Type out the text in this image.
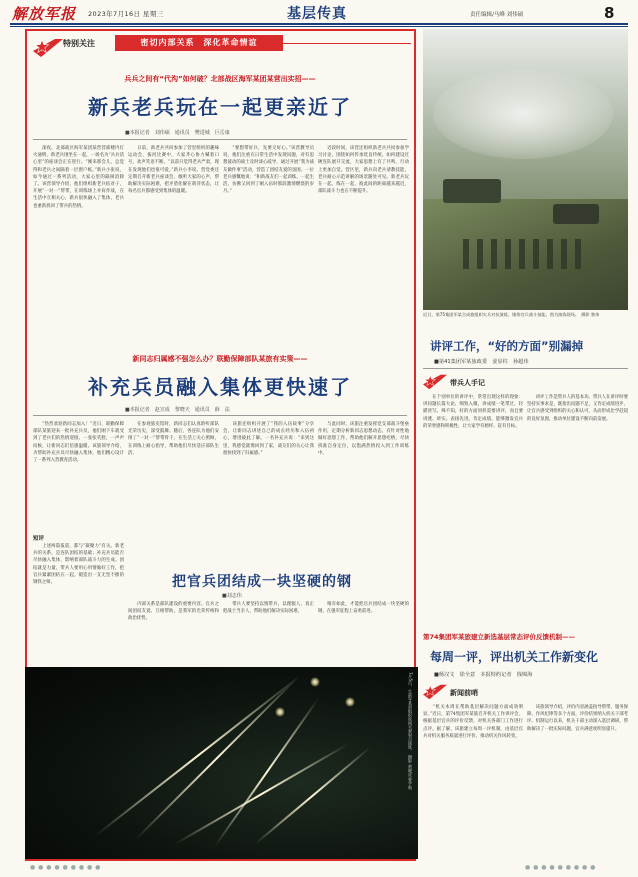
解放军报 2023年7月16日 星期三	基层传真	责任编辑/马峰 刘伟硕	8
特别关注	密切内部关系　深化革命情谊
兵兵之间有“代沟”如何破？北部战区海军某团某营出实招——
新兵老兵玩在一起更亲近了
■本报记者　刘伟硕　通讯员　樊进城　巨岳康
　　深夜，北部战区海军某团某营营部楼内灯火通明，新老兵围坐在一起，一场名为“兵兵话心里”的座谈会正在进行。“刚来那会儿，总觉得和老兵之间隔着一层窗户纸。”新兵小张说，如今通过一系列活动，大家心里的隔阂消除了。该营领导介绍，他们组织新老兵结对子，开展“一对一”帮带，在训练场上并肩作战，在生活中互相关心，新兵很快融入了集体，老兵也重新找回了带兵的热情。
　　日前，新老兵共同参加了营里组织的趣味运动会，拔河比赛中，大家齐心协力喊着口号，欢声笑语不断。“以前只觉得老兵严肃，现在发现他们也很可爱。”新兵小李说。营党委还定期召开新老兵座谈会，倾听大家的心声，帮助解决实际困难，把矛盾化解在萌芽状态，让每名官兵都感受到集体的温暖。
　　“要想带好兵，先要交好心。”该营教导员说，他们注重在日常生活中发现问题，对有思想波动的战士及时谈心疏导，通过开展“我为战友做件事”活动，营造了团结友爱的氛围。一位老兵感慨地说：“和新战友们一起训练、一起生活，仿佛又回到了刚入伍时那段激情燃烧的岁月。”
　　近段时间，该营还组织新老兵共同参加学习讨论，围绕如何传承优良传统、如何建设过硬连队展开交流，大家思想上有了共鸣，行动上更加自觉。营区里，新兵向老兵请教技能，老兵耐心示范讲解的场景随处可见。新老兵玩在一起、练在一起，彼此间的距离越来越近，部队战斗力也在不断提升。
新同志归属感不强怎么办？联勤保障部队某旅有实策——
补充兵员融入集体更快速了
■本报记者　赵宣成　黎晓天　通讯员　薛　法
　　“热烈欢迎新同志加入！”近日，联勤保障部队某旅迎来一批补充兵员，他们刚下车就受到了老兵们的热情迎接。一张张笑脸、一声声问候，让新同志们倍感温暖。该旅领导介绍，为帮助补充兵员尽快融入集体，他们精心设计了一系列入营教育活动。
　　在参观旅史馆时，新同志们认真聆听部队光荣历史，深受鼓舞。随后，各连队为他们安排了“一对一”帮带骨干，在生活上关心照顾，在训练上耐心指导，帮助他们尽快适应部队生活。
　　该旅还组织开展了“我的入伍故事”分享会，让新同志讲述自己的成长经历和入伍初心，增进彼此了解。一名补充兵说：“来到这里，我感觉就像回到了家，战友们的关心让我很快找到了归属感。”
　　与此同时，该旅注重发挥党支部战斗堡垒作用，定期分析新同志思想动态，有针对性地做好思想工作，帮助他们解开思想疙瘩，尽快找准自身定位，以饱满热情投入到工作训练中。
短评
　　上述两篇报道，都与“凝聚力”有关。新老兵的关系，是连队团结的基础；补充兵员能否尽快融入集体，影响着部队战斗力的生成。团结就是力量，带兵人要用心用情做好工作，把官兵紧紧团结在一起，锻造出一支无坚不摧的钢铁之师。
把官兵团结成一块坚硬的钢
■刘志伟
　　内部关系是部队建设的重要内容。官兵之间团结友爱、互相帮助，是我军的光荣传统和政治优势。
　　带兵人要坚持以情带兵、以理服人，真正把战士当亲人，帮助他们解决实际困难。
　　唯有如此，才能把官兵团结成一块坚硬的钢，在强军征程上奋勇前进。
近日，第75集团军某合成旅组织实兵对抗演练，锤炼官兵战斗技能。图为演练现场。　摄影 黎伟
讲评工作，“好的方面”别漏掉
■第41集团军某旅政委　姜显柱　孙超伟
带兵人手记
　　在个别单位的讲评中，常常出现这样的现象：讲问题长篇大论、细致入微，讲成绩一笔带过、轻描淡写。殊不知，好的方面同样需要讲评，而且要讲透、讲实。表扬先进、肯定成绩，能够激发官兵的荣誉感和积极性，让大家学有榜样、赶有目标。
　　讲评工作是带兵人的基本功。带兵人在讲评时要坚持实事求是，既指出问题不足，又肯定成绩进步，让官兵感受到组织的关心和认可，从而形成比学赶超的良好氛围，推动单位建设不断向前发展。
第74集团军某旅建立新选基层常态评价反馈机制——
每周一评，评出机关工作新变化
■杨汉文　徐全意　本报特约记者　钱锦海
新闻前哨
　　“机关本周在帮助基层解决问题方面成效明显。”近日，第74集团军某旅召开机关工作讲评会，根据基层官兵的评价反馈，对机关各部门工作进行点评。据了解，该旅建立每周一评机制，由基层官兵对机关服务质量进行评价，推动机关作风转变。
　　该旅领导介绍，评价内容涵盖指导帮带、服务保障、作风纪律等多个方面，评价结果纳入机关干部考评。机制运行以来，机关干部主动深入基层调研，帮助解决了一批实际问题，官兵满意度明显提升。
7月5日，火箭军某部组织夜间实弹射击演练。　摄影 黄晓虎 曹宇航
● ● ● ● ● ● ● ● ●	● ● ● ● ● ● ● ● ●
